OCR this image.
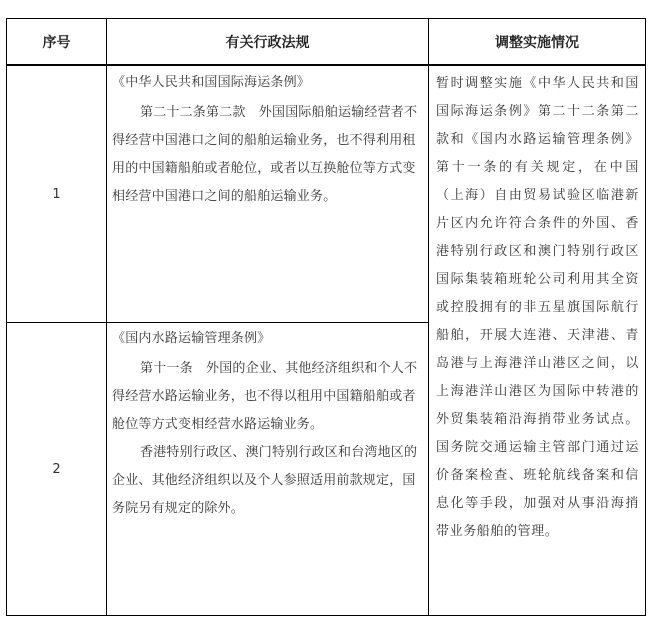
序号	有关行政法规	调整实施情况
1

《中华人民共和国国际海运条例》

第二十二条第二款　外国国际船舶运输经营者不得经营中国港口之间的船舶运输业务，也不得利用租用的中国籍船舶或者舱位，或者以互换舱位等方式变相经营中国港口之间的船舶运输业务。

2

《国内水路运输管理条例》

第十一条　外国的企业、其他经济组织和个人不得经营水路运输业务，也不得以租用中国籍船舶或者舱位等方式变相经营水路运输业务。

香港特别行政区、澳门特别行政区和台湾地区的企业、其他经济组织以及个人参照适用前款规定，国务院另有规定的除外。

暂时调整实施《中华人民共和国国际海运条例》第二十二条第二款和《国内水路运输管理条例》第十一条的有关规定，在中国（上海）自由贸易试验区临港新片区内允许符合条件的外国、香港特别行政区和澳门特别行政区国际集装箱班轮公司利用其全资或控股拥有的非五星旗国际航行船舶，开展大连港、天津港、青岛港与上海港洋山港区之间，以上海港洋山港区为国际中转港的外贸集装箱沿海捎带业务试点。国务院交通运输主管部门通过运价备案检查、班轮航线备案和信息化等手段，加强对从事沿海捎带业务船舶的管理。
